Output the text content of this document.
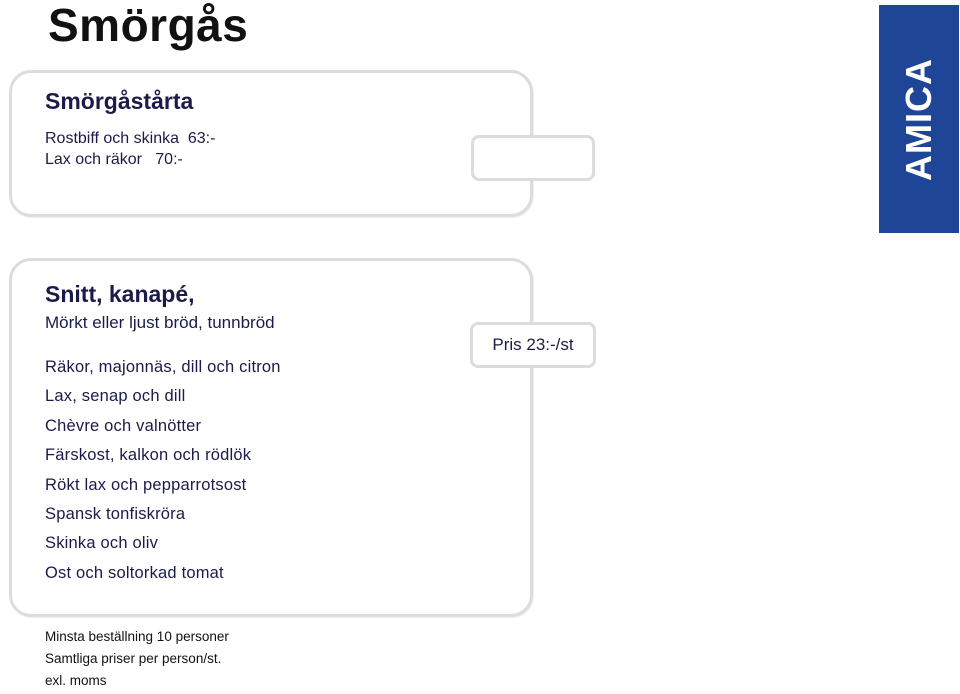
Smörgås
Smörgåstårta
Rostbiff och skinka  63:-
Lax och räkor   70:-
Pris 23:-/st
Snitt, kanapé,
Mörkt eller ljust bröd, tunnbröd
Räkor, majonnäs, dill och citron
Lax, senap och dill
Chèvre och valnötter
Färskost, kalkon och rödlök
Rökt lax och pepparrotsost
Spansk tonfiskröra
Skinka och oliv
Ost och soltorkad tomat
Minsta beställning 10 personer
Samtliga priser per person/st.
exl. moms
AMICA
